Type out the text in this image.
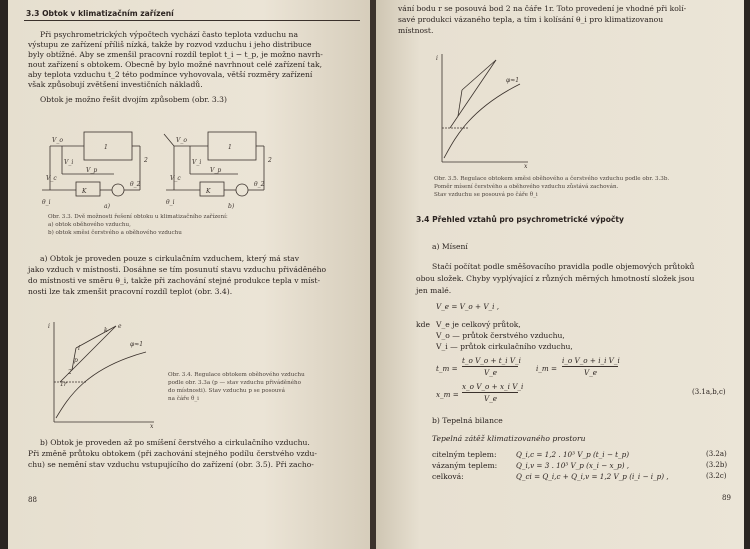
3.3 Obtok v klimatizačním zařízení
Při psychrometrických výpočtech vychází často teplota vzduchu na
výstupu ze zařízení příliš nízká, takže by rozvod vzduchu i jeho distribuce
byly obtížné. Aby se zmenšil pracovní rozdíl teplot t_i − t_p, je možno navrh-
nout zařízení s obtokem. Obecně by bylo možné navrhnout celé zařízení tak,
aby teplota vzduchu t_2 této podmínce vyhovovala, větší rozměry zařízení
však způsobují zvětšení investičních nákladů.
Obtok je možno řešit dvojím způsobem (obr. 3.3)
1	1
V_o	V_o
V_i	V_i
V_p	V_p
V_c	V_c
θ_i	θ_i
θ_2	θ_2
2	2
K	K
a)	b)
Obr. 3.3. Dvě možnosti řešení obtoku u klimatizačního zařízení:
a) obtok oběhového vzduchu,
b) obtok směsi čerstvého a oběhového vzduchu
a) Obtok je proveden pouze s cirkulačním vzduchem, který má stav
jako vzduch v místnosti. Dosáhne se tím posunutí stavu vzduchu přiváděného
do místnosti ve směru θ_i, takže při zachování stejné produkce tepla v míst-
nosti lze tak zmenšit pracovní rozdíl teplot (obr. 3.4).
e
k
i
p
2
1r
φ≈1
i
x
Obr. 3.4. Regulace obtokem oběhového vzduchu
podle obr. 3.3a (p — stav vzduchu přiváděného
do místnosti). Stav vzduchu p se posouvá
na čáře θ_i
b) Obtok je proveden až po smíšení čerstvého a cirkulačního vzduchu.
Při změně průtoku obtokem (při zachování stejného podílu čerstvého vzdu-
chu) se nemění stav vzduchu vstupujícího do zařízení (obr. 3.5). Při zacho-
88
vání bodu r se posouvá bod 2 na čáře 1r. Toto provedení je vhodné při kolí-
savé produkci vázaného tepla, a tím i kolísání θ_i pro klimatizovanou
místnost.
φ≈1
i
x
Obr. 3.5. Regulace obtokem směsi oběhového a čerstvého vzduchu podle obr. 3.3b.
Poměr mísení čerstvého a oběhového vzduchu zůstává zachován.
Stav vzduchu se posouvá po čáře θ_i
3.4 Přehled vztahů pro psychrometrické výpočty
a) Mísení
Stačí počítat podle směšovacího pravidla podle objemových průtoků
obou složek. Chyby vyplývající z různých měrných hmotností složek jsou
jen malé.
V_e = V_o + V_i ,
kde V_e je celkový průtok,
V_o — průtok čerstvého vzduchu,
V_i — průtok cirkulačního vzduchu,
t_m =
t_o V_o + t_i V_i
V_e	i_m =
i_o V_o + i_i V_i
V_e
x_m =
x_o V_o + x_i V_i
V_e
(3.1a,b,c)
b) Tepelná bilance
Tepelná zátěž klimatizovaného prostoru
citelným teplem:	Q_i,c = 1,2 . 10³ V_p (t_i − t_p)	(3.2a)
vázaným teplem:	Q_i,v = 3 . 10³ V_p (x_i − x_p) ,	(3.2b)
celková:	Q_ci = Q_i,c + Q_i,v = 1,2 V_p (i_i − i_p) ,	(3.2c)
89
